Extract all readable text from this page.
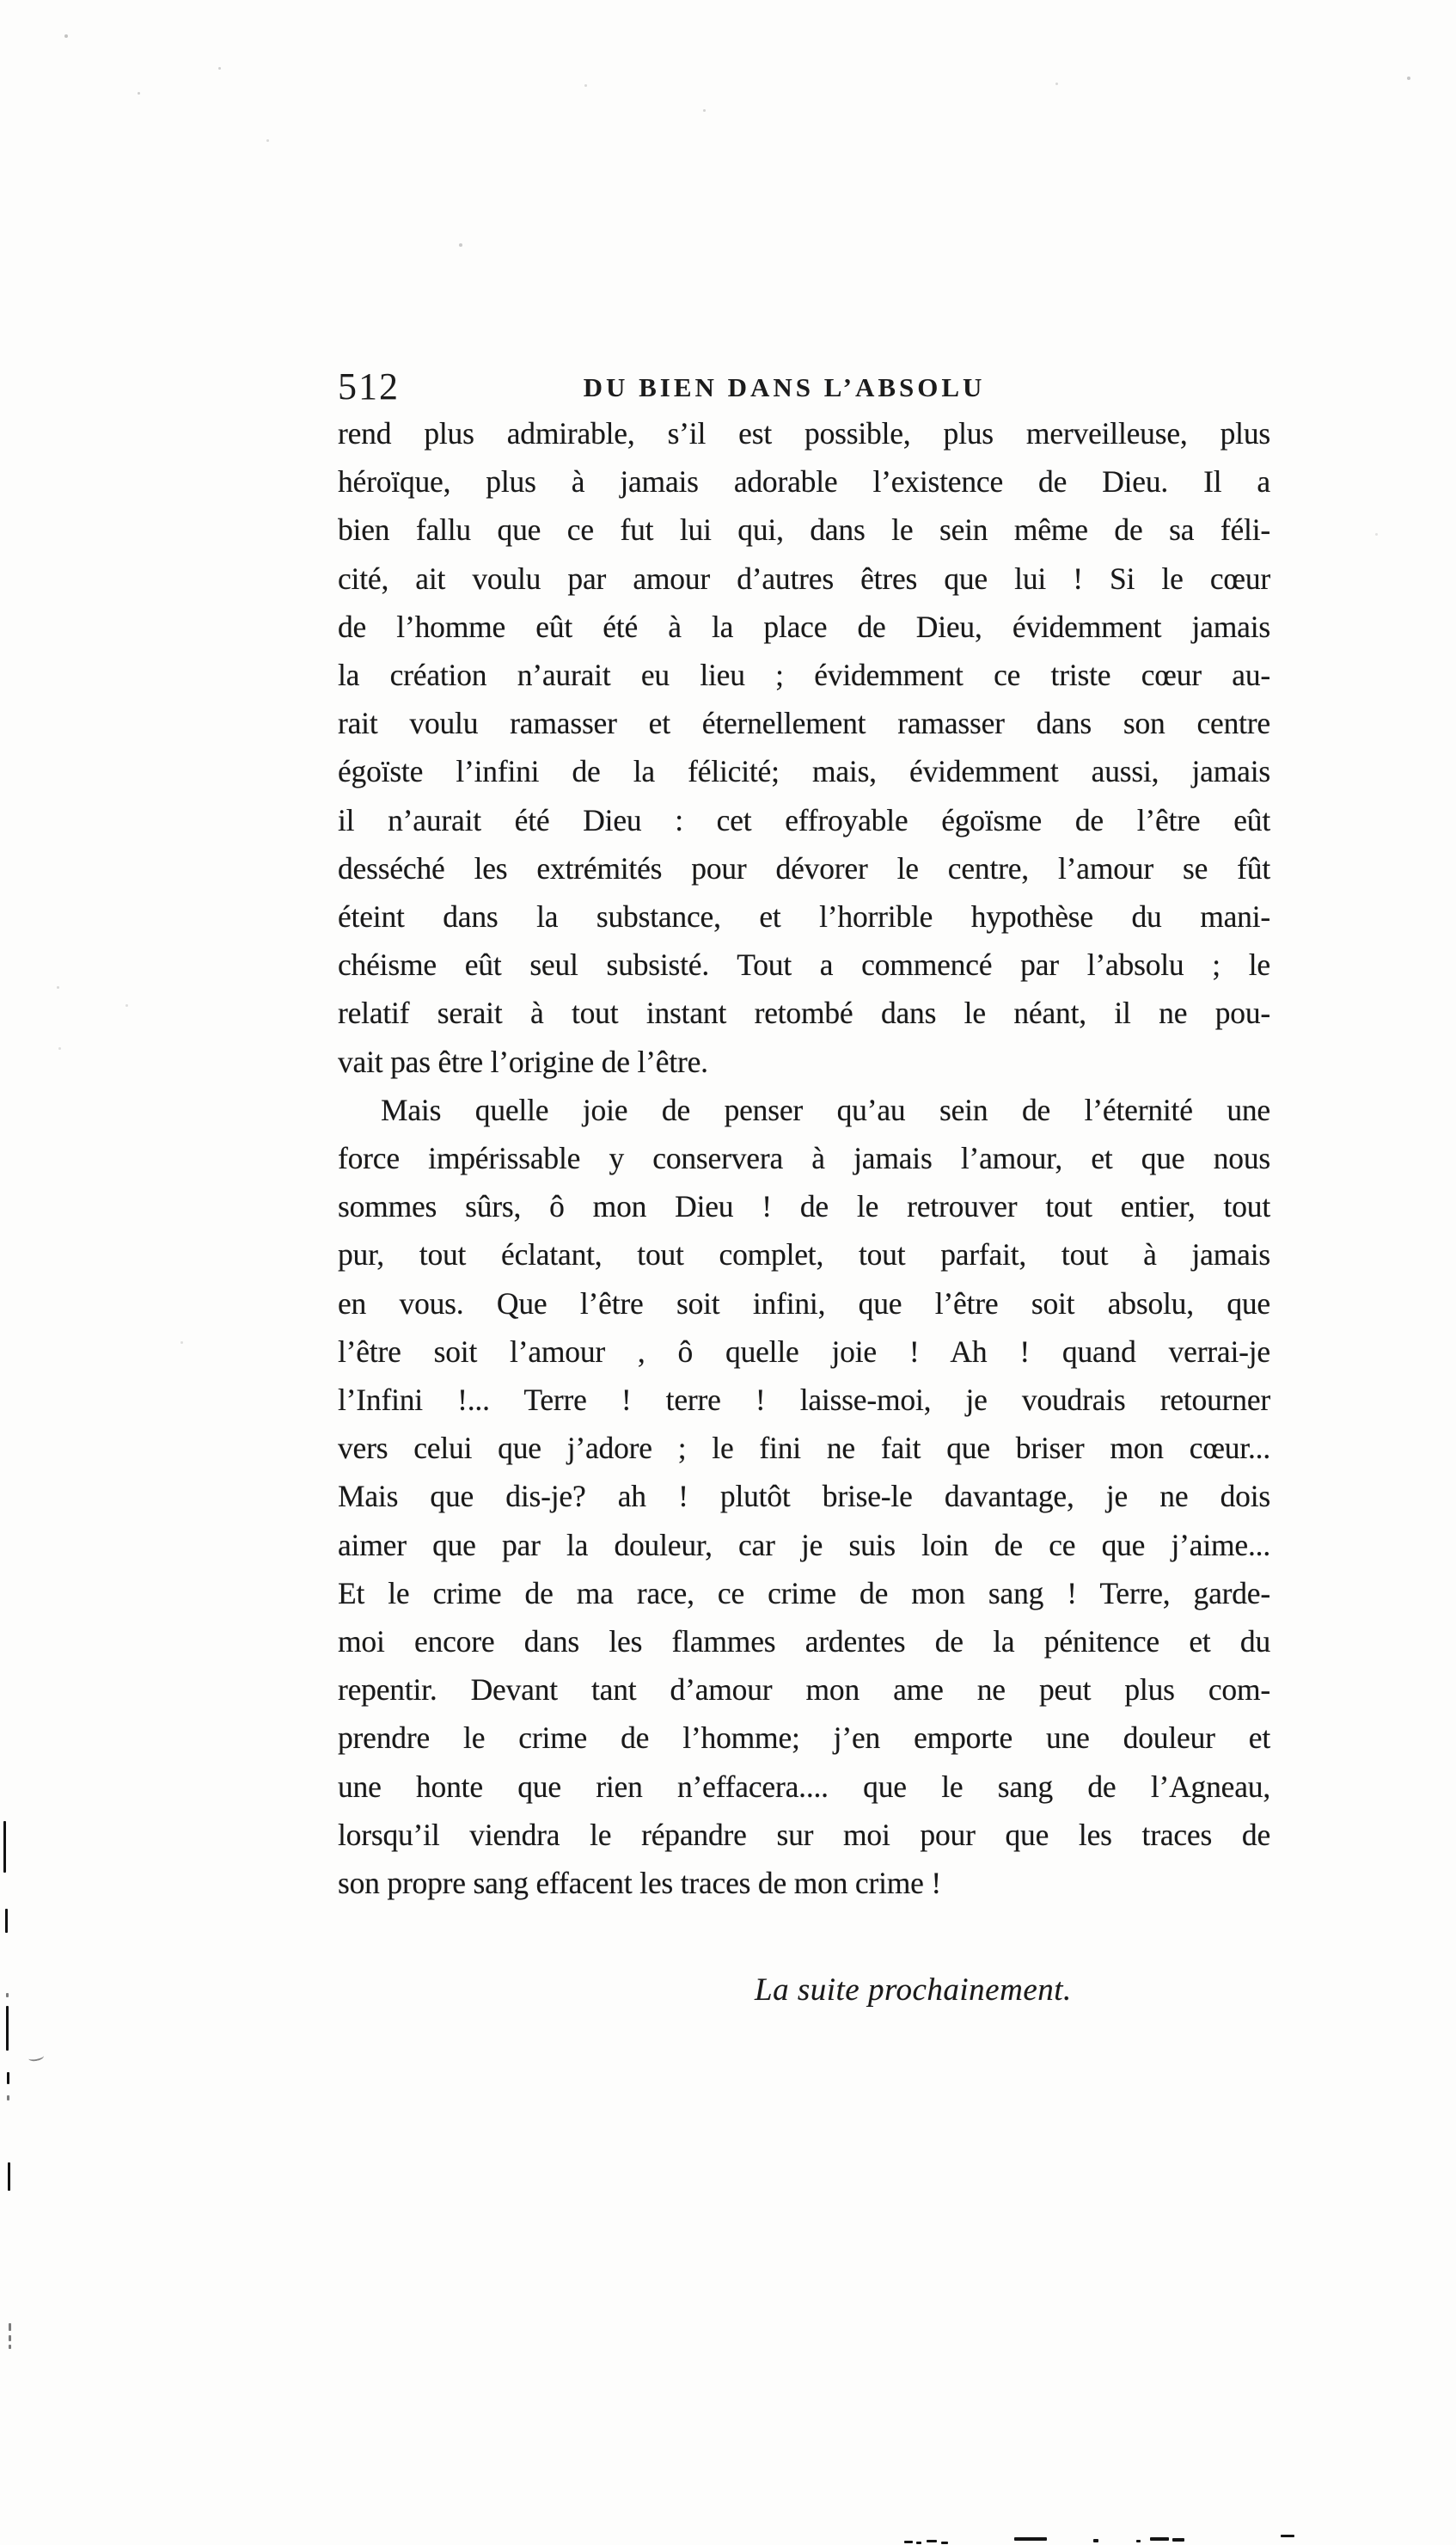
512	DU BIEN DANS L’ABSOLU
rend plus admirable, s’il est possible, plus merveilleuse, plus
héroïque, plus à jamais adorable l’existence de Dieu. Il a
bien fallu que ce fut lui qui, dans le sein même de sa féli-
cité, ait voulu par amour d’autres êtres que lui ! Si le cœur
de l’homme eût été à la place de Dieu, évidemment jamais
la création n’aurait eu lieu ; évidemment ce triste cœur au-
rait voulu ramasser et éternellement ramasser dans son centre
égoïste l’infini de la félicité; mais, évidemment aussi, jamais
il n’aurait été Dieu : cet effroyable égoïsme de l’être eût
desséché les extrémités pour dévorer le centre, l’amour se fût
éteint dans la substance, et l’horrible hypothèse du mani-
chéisme eût seul subsisté. Tout a commencé par l’absolu ; le
relatif serait à tout instant retombé dans le néant, il ne pou-
vait pas être l’origine de l’être.
Mais quelle joie de penser qu’au sein de l’éternité une
force impérissable y conservera à jamais l’amour, et que nous
sommes sûrs, ô mon Dieu ! de le retrouver tout entier, tout
pur, tout éclatant, tout complet, tout parfait, tout à jamais
en vous. Que l’être soit infini, que l’être soit absolu, que
l’être soit l’amour , ô quelle joie ! Ah ! quand verrai-je
l’Infini !... Terre ! terre ! laisse-moi, je voudrais retourner
vers celui que j’adore ; le fini ne fait que briser mon cœur...
Mais que dis-je? ah ! plutôt brise-le davantage, je ne dois
aimer que par la douleur, car je suis loin de ce que j’aime...
Et le crime de ma race, ce crime de mon sang ! Terre, garde-
moi encore dans les flammes ardentes de la pénitence et du
repentir. Devant tant d’amour mon ame ne peut plus com-
prendre le crime de l’homme; j’en emporte une douleur et
une honte que rien n’effacera.... que le sang de l’Agneau,
lorsqu’il viendra le répandre sur moi pour que les traces de
son propre sang effacent les traces de mon crime !
La suite prochainement.
